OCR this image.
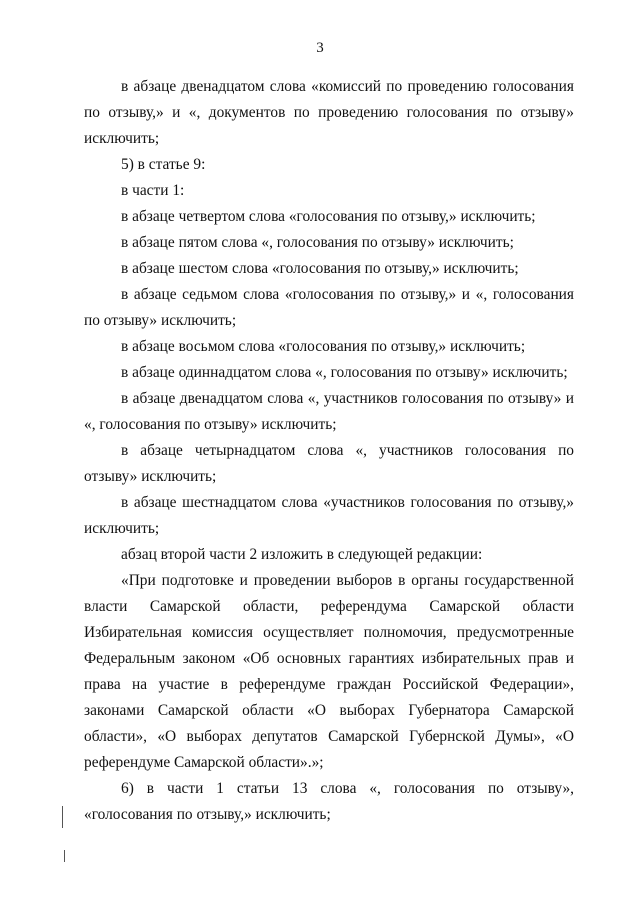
3

в абзаце двенадцатом слова «комиссий по проведению голосования по отзыву,» и «, документов по проведению голосования по отзыву» исключить;

5) в статье 9:

в части 1:

в абзаце четвертом слова «голосования по отзыву,» исключить;

в абзаце пятом слова «, голосования по отзыву» исключить;

в абзаце шестом слова «голосования по отзыву,» исключить;

в абзаце седьмом слова «голосования по отзыву,» и «, голосования по отзыву» исключить;

в абзаце восьмом слова «голосования по отзыву,» исключить;

в абзаце одиннадцатом слова «, голосования по отзыву» исключить;

в абзаце двенадцатом слова «, участников голосования по отзыву» и «, голосования по отзыву» исключить;

в абзаце четырнадцатом слова «, участников голосования по отзыву» исключить;

в абзаце шестнадцатом слова «участников голосования по отзыву,» исключить;

абзац второй части 2 изложить в следующей редакции:

«При подготовке и проведении выборов в органы государственной власти Самарской области, референдума Самарской области Избирательная комиссия осуществляет полномочия, предусмотренные Федеральным законом «Об основных гарантиях избирательных прав и права на участие в референдуме граждан Российской Федерации», законами Самарской области «О выборах Губернатора Самарской области», «О выборах депутатов Самарской Губернской Думы», «О референдуме Самарской области».»;

6) в части 1 статьи 13 слова «, голосования по отзыву», «голосования по отзыву,» исключить;
